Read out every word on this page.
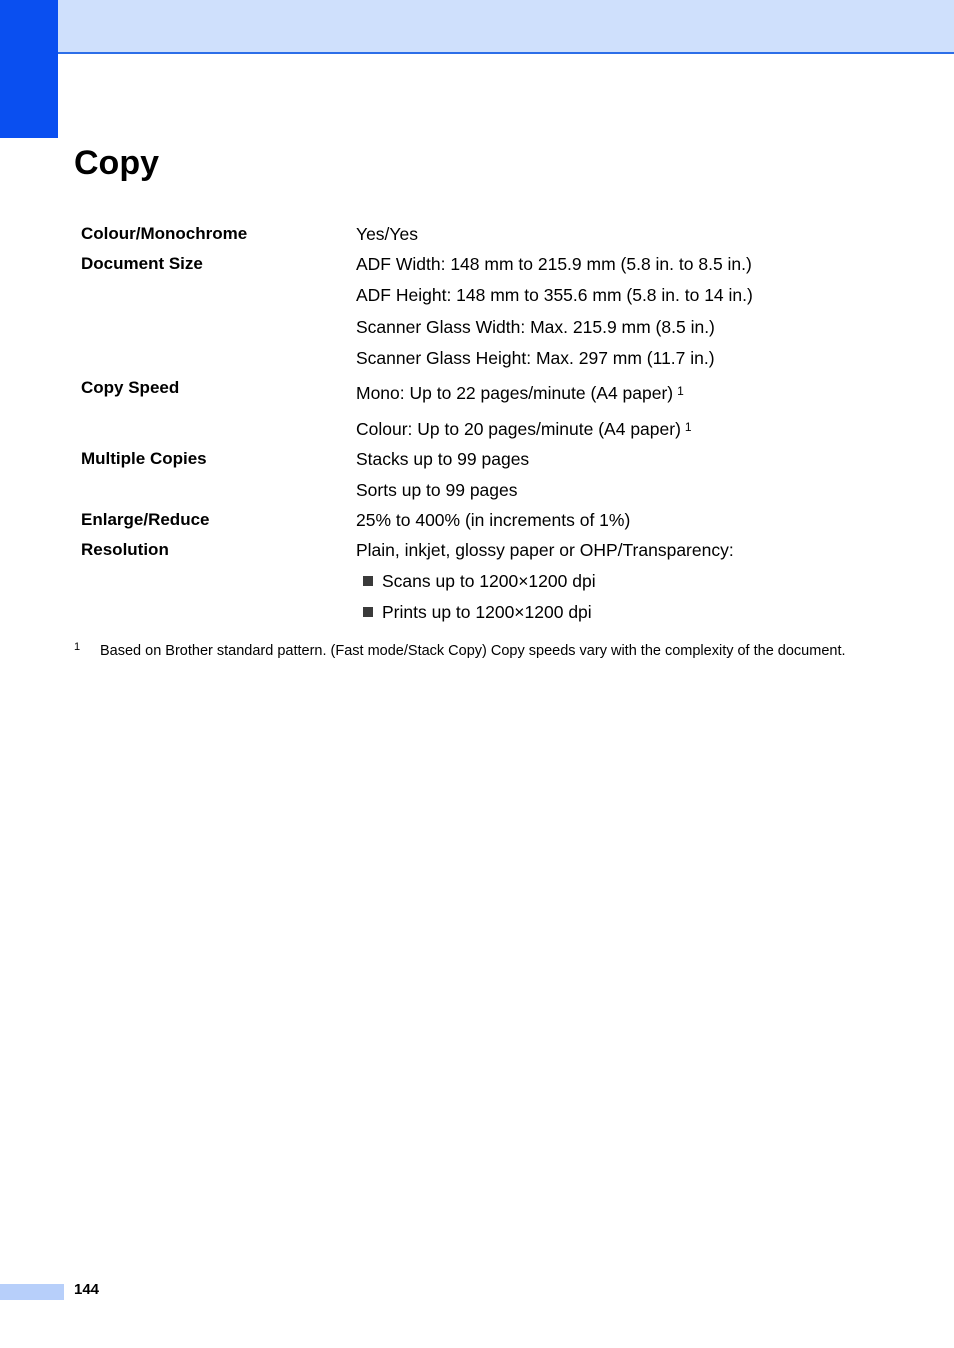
Copy
Colour/Monochrome	Yes/Yes
Document Size	ADF Width: 148 mm to 215.9 mm (5.8 in. to 8.5 in.)
ADF Height: 148 mm to 355.6 mm (5.8 in. to 14 in.)
Scanner Glass Width: Max. 215.9 mm (8.5 in.)
Scanner Glass Height: Max. 297 mm (11.7 in.)
Copy Speed	Mono: Up to 22 pages/minute (A4 paper) $^1$
Colour: Up to 20 pages/minute (A4 paper) $^1$
Multiple Copies	Stacks up to 99 pages
Sorts up to 99 pages
Enlarge/Reduce	25% to 400% (in increments of 1%)
Resolution	Plain, inkjet, glossy paper or OHP/Transparency:
Scans up to 1200×1200 dpi
Prints up to 1200×1200 dpi
1 Based on Brother standard pattern. (Fast mode/Stack Copy) Copy speeds vary with the complexity of the document.
144
